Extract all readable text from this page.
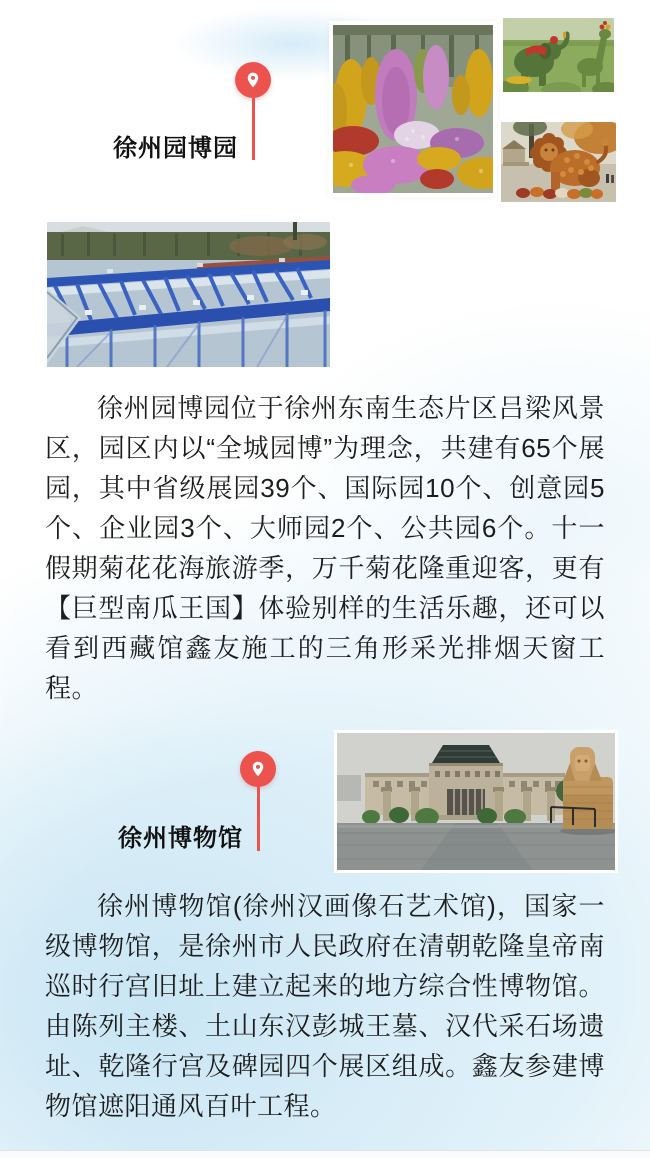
徐州园博园

徐州园博园位于徐州东南生态片区吕梁风景区，园区内以“全城园博”为理念，共建有65个展园，其中省级展园39个、国际园10个、创意园5个、企业园3个、大师园2个、公共园6个。十一假期菊花花海旅游季，万千菊花隆重迎客，更有【巨型南瓜王国】体验别样的生活乐趣，还可以看到西藏馆鑫友施工的三角形采光排烟天窗工程。

徐州博物馆

徐州博物馆(徐州汉画像石艺术馆)，国家一级博物馆，是徐州市人民政府在清朝乾隆皇帝南巡时行宫旧址上建立起来的地方综合性博物馆。由陈列主楼、土山东汉彭城王墓、汉代采石场遗址、乾隆行宫及碑园四个展区组成。鑫友参建博物馆遮阳通风百叶工程。
